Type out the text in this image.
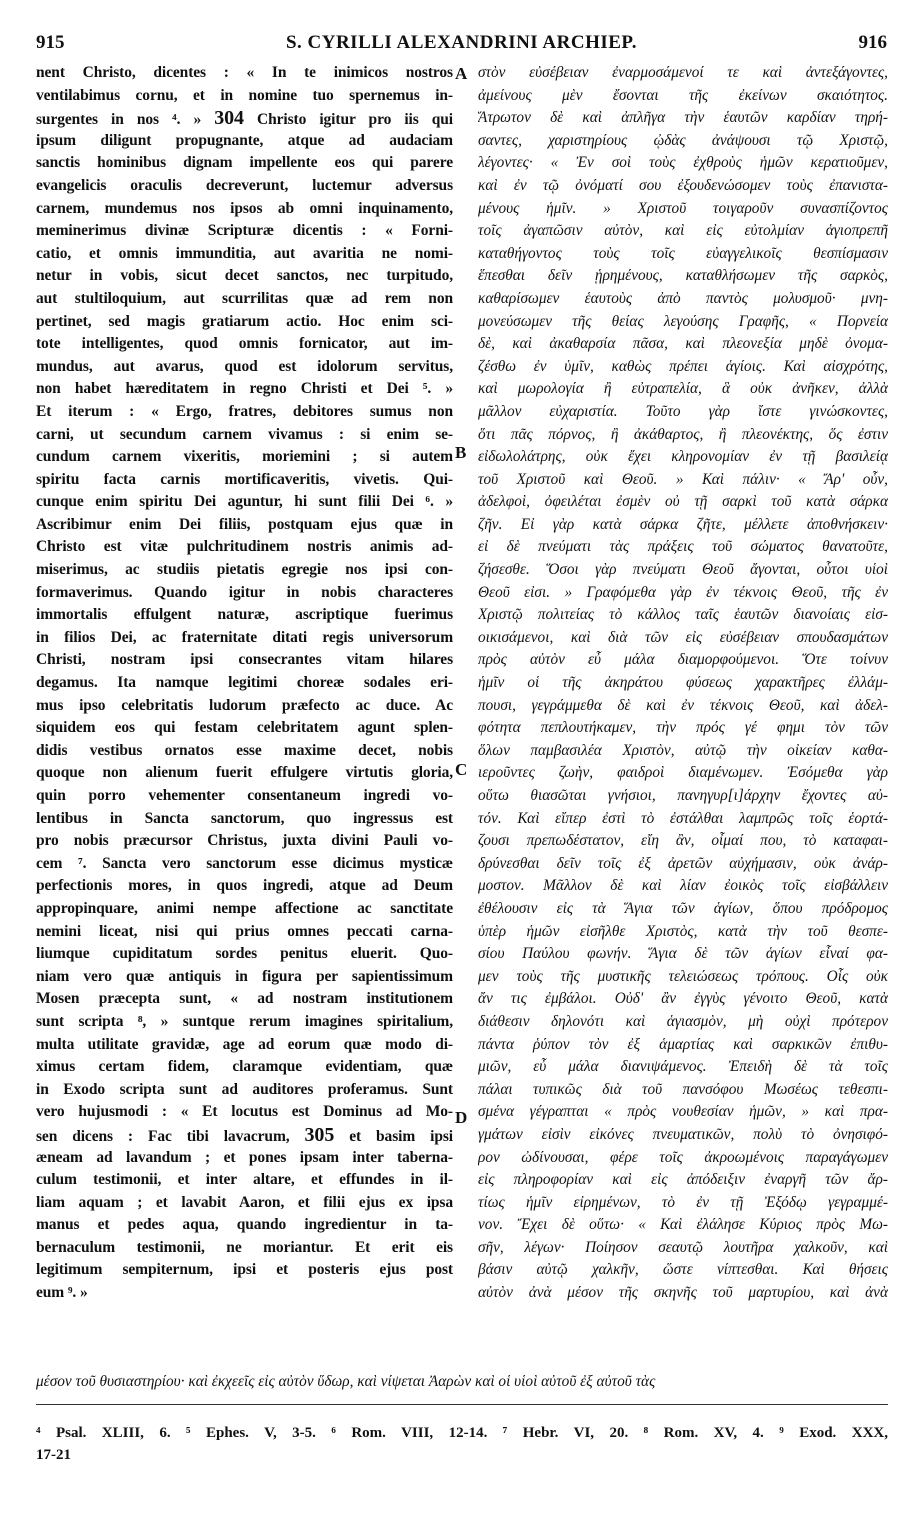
915	S. CYRILLI ALEXANDRINI ARCHIEP.	916
nent Christo, dicentes : « In te inimicos nostros
ventilabimus cornu, et in nomine tuo spernemus in-
surgentes in nos ⁴. » 304 Christo igitur pro iis qui
ipsum diligunt propugnante, atque ad audaciam
sanctis hominibus dignam impellente eos qui parere
evangelicis oraculis decreverunt, luctemur adversus
carnem, mundemus nos ipsos ab omni inquinamento,
meminerimus divinæ Scripturæ dicentis : « Forni-
catio, et omnis immunditia, aut avaritia ne nomi-
netur in vobis, sicut decet sanctos, nec turpitudo,
aut stultiloquium, aut scurrilitas quæ ad rem non
pertinet, sed magis gratiarum actio. Hoc enim sci-
tote intelligentes, quod omnis fornicator, aut im-
mundus, aut avarus, quod est idolorum servitus,
non habet hæreditatem in regno Christi et Dei ⁵. »
Et iterum : « Ergo, fratres, debitores sumus non
carni, ut secundum carnem vivamus : si enim se-
cundum carnem vixeritis, moriemini ; si autem
spiritu facta carnis mortificaveritis, vivetis. Qui-
cunque enim spiritu Dei aguntur, hi sunt filii Dei ⁶. »
Ascribimur enim Dei filiis, postquam ejus quæ in
Christo est vitæ pulchritudinem nostris animis ad-
miserimus, ac studiis pietatis egregie nos ipsi con-
formaverimus. Quando igitur in nobis characteres
immortalis effulgent naturæ, ascriptique fuerimus
in filios Dei, ac fraternitate ditati regis universorum
Christi, nostram ipsi consecrantes vitam hilares
degamus. Ita namque legitimi choreæ sodales eri-
mus ipso celebritatis ludorum præfecto ac duce. Ac
siquidem eos qui festam celebritatem agunt splen-
didis vestibus ornatos esse maxime decet, nobis
quoque non alienum fuerit effulgere virtutis gloria,
quin porro vehementer consentaneum ingredi vo-
lentibus in Sancta sanctorum, quo ingressus est
pro nobis præcursor Christus, juxta divini Pauli vo-
cem ⁷. Sancta vero sanctorum esse dicimus mysticæ
perfectionis mores, in quos ingredi, atque ad Deum
appropinquare, animi nempe affectione ac sanctitate
nemini liceat, nisi qui prius omnes peccati carna-
liumque cupiditatum sordes penitus eluerit. Quo-
niam vero quæ antiquis in figura per sapientissimum
Mosen præcepta sunt, « ad nostram institutionem
sunt scripta ⁸, » suntque rerum imagines spiritalium,
multa utilitate gravidæ, age ad eorum quæ modo di-
ximus certam fidem, claramque evidentiam, quæ
in Exodo scripta sunt ad auditores proferamus. Sunt
vero hujusmodi : « Et locutus est Dominus ad Mo-
sen dicens : Fac tibi lavacrum, 305 et basim ipsi
æneam ad lavandum ; et pones ipsam inter taberna-
culum testimonii, et inter altare, et effundes in il-
liam aquam ; et lavabit Aaron, et filii ejus ex ipsa
manus et pedes aqua, quando ingredientur in ta-
bernaculum testimonii, ne moriantur. Et erit eis
legitimum sempiternum, ipsi et posteris ejus post
eum ⁹. »
στὸν εὐσέβειαν ἐναρμοσάμενοί τε καὶ ἀντεξάγοντες,
ἀμείνους μὲν ἔσονται τῆς ἐκείνων σκαιότητος.
Ἄτρωτον δὲ καὶ ἀπλῆγα τὴν ἑαυτῶν καρδίαν τηρή-
σαντες, χαριστηρίους ᾠδὰς ἀνάψουσι τῷ Χριστῷ,
λέγοντες· « Ἐν σοὶ τοὺς ἐχθροὺς ἡμῶν κερατιοῦμεν,
καὶ ἐν τῷ ὀνόματί σου ἐξουδενώσομεν τοὺς ἐπανιστα-
μένους ἡμῖν. » Χριστοῦ τοιγαροῦν συνασπίζοντος
τοῖς ἀγαπῶσιν αὐτὸν, καὶ εἰς εὐτολμίαν ἁγιοπρεπῆ
καταθήγοντος τοὺς τοῖς εὐαγγελικοῖς θεσπίσμασιν
ἕπεσθαι δεῖν ᾑρημένους, καταθλήσωμεν τῆς σαρκὸς,
καθαρίσωμεν ἑαυτοὺς ἀπὸ παντὸς μολυσμοῦ· μνη-
μονεύσωμεν τῆς θείας λεγούσης Γραφῆς, « Πορνεία
δὲ, καὶ ἀκαθαρσία πᾶσα, καὶ πλεονεξία μηδὲ ὀνομα-
ζέσθω ἐν ὑμῖν, καθὼς πρέπει ἁγίοις. Καὶ αἰσχρότης,
καὶ μωρολογία ἢ εὐτραπελία, ἃ οὐκ ἀνῆκεν, ἀλλὰ
μᾶλλον εὐχαριστία. Τοῦτο γὰρ ἴστε γινώσκοντες,
ὅτι πᾶς πόρνος, ἢ ἀκάθαρτος, ἢ πλεονέκτης, ὅς ἐστιν
εἰδωλολάτρης, οὐκ ἔχει κληρονομίαν ἐν τῇ βασιλείᾳ
τοῦ Χριστοῦ καὶ Θεοῦ. » Καὶ πάλιν· « Ἄρ' οὖν,
ἀδελφοὶ, ὀφειλέται ἐσμὲν οὐ τῇ σαρκὶ τοῦ κατὰ σάρκα
ζῆν. Εἰ γὰρ κατὰ σάρκα ζῆτε, μέλλετε ἀποθνήσκειν·
εἰ δὲ πνεύματι τὰς πράξεις τοῦ σώματος θανατοῦτε,
ζήσεσθε. Ὅσοι γὰρ πνεύματι Θεοῦ ἄγονται, οὗτοι υἱοὶ
Θεοῦ εἰσι. » Γραφόμεθα γὰρ ἐν τέκνοις Θεοῦ, τῆς ἐν
Χριστῷ πολιτείας τὸ κάλλος ταῖς ἑαυτῶν διανοίαις εἰσ-
οικισάμενοι, καὶ διὰ τῶν εἰς εὐσέβειαν σπουδασμάτων
πρὸς αὐτὸν εὖ μάλα διαμορφούμενοι. Ὅτε τοίνυν
ἡμῖν οἱ τῆς ἀκηράτου φύσεως χαρακτῆρες ἐλλάμ-
πουσι, γεγράμμεθα δὲ καὶ ἐν τέκνοις Θεοῦ, καὶ ἀδελ-
φότητα πεπλουτήκαμεν, τὴν πρός γέ φημι τὸν τῶν
ὅλων παμβασιλέα Χριστὸν, αὐτῷ τὴν οἰκείαν καθα-
ιεροῦντες ζωὴν, φαιδροὶ διαμένωμεν. Ἐσόμεθα γὰρ
οὕτω θιασῶται γνήσιοι, πανηγυρ[ι]άρχην ἔχοντες αὐ-
τόν. Καὶ εἴπερ ἐστὶ τὸ ἐστάλθαι λαμπρῶς τοῖς ἑορτά-
ζουσι πρεπωδέστατον, εἴη ἂν, οἶμαί που, τὸ καταφαι-
δρύνεσθαι δεῖν τοῖς ἐξ ἀρετῶν αὐχήμασιν, οὐκ ἀνάρ-
μοστον. Μᾶλλον δὲ καὶ λίαν ἐοικὸς τοῖς εἰσβάλλειν
ἐθέλουσιν εἰς τὰ Ἅγια τῶν ἁγίων, ὅπου πρόδρομος
ὑπὲρ ἡμῶν εἰσῆλθε Χριστὸς, κατὰ τὴν τοῦ θεσπε-
σίου Παύλου φωνήν. Ἅγια δὲ τῶν ἁγίων εἶναί φα-
μεν τοὺς τῆς μυστικῆς τελειώσεως τρόπους. Οἷς οὐκ
ἄν τις ἐμβάλοι. Οὐδ' ἂν ἐγγὺς γένοιτο Θεοῦ, κατὰ
διάθεσιν δηλονότι καὶ ἁγιασμὸν, μὴ οὐχὶ πρότερον
πάντα ῥύπον τὸν ἐξ ἁμαρτίας καὶ σαρκικῶν ἐπιθυ-
μιῶν, εὖ μάλα διανιψάμενος. Ἐπειδὴ δὲ τὰ τοῖς
πάλαι τυπικῶς διὰ τοῦ πανσόφου Μωσέως τεθεσπι-
σμένα γέγραπται « πρὸς νουθεσίαν ἡμῶν, » καὶ πρα-
γμάτων εἰσὶν εἰκόνες πνευματικῶν, πολὺ τὸ ὀνησιφό-
ρον ὠδίνουσαι, φέρε τοῖς ἀκροωμένοις παραγάγωμεν
εἰς πληροφορίαν καὶ εἰς ἀπόδειξιν ἐναργῆ τῶν ἄρ-
τίως ἡμῖν εἰρημένων, τὸ ἐν τῇ Ἐξόδῳ γεγραμμέ-
νον. Ἔχει δὲ οὕτω· « Καὶ ἐλάλησε Κύριος πρὸς Μω-
σῆν, λέγων· Ποίησον σεαυτῷ λουτῆρα χαλκοῦν, καὶ
βάσιν αὐτῷ χαλκῆν, ὥστε νίπτεσθαι. Καὶ θήσεις
αὐτὸν ἀνὰ μέσον τῆς σκηνῆς τοῦ μαρτυρίου, καὶ ἀνὰ
A
B
C
D
μέσον τοῦ θυσιαστηρίου· καὶ ἐκχεεῖς εἰς αὐτὸν ὕδωρ, καὶ νίψεται Ἀαρὼν καὶ οἱ υἱοὶ αὐτοῦ ἐξ αὐτοῦ τὰς
⁴ Psal. XLIII, 6. ⁵ Ephes. V, 3-5. ⁶ Rom. VIII, 12-14. ⁷ Hebr. VI, 20. ⁸ Rom. XV, 4. ⁹ Exod. XXX,
17-21
